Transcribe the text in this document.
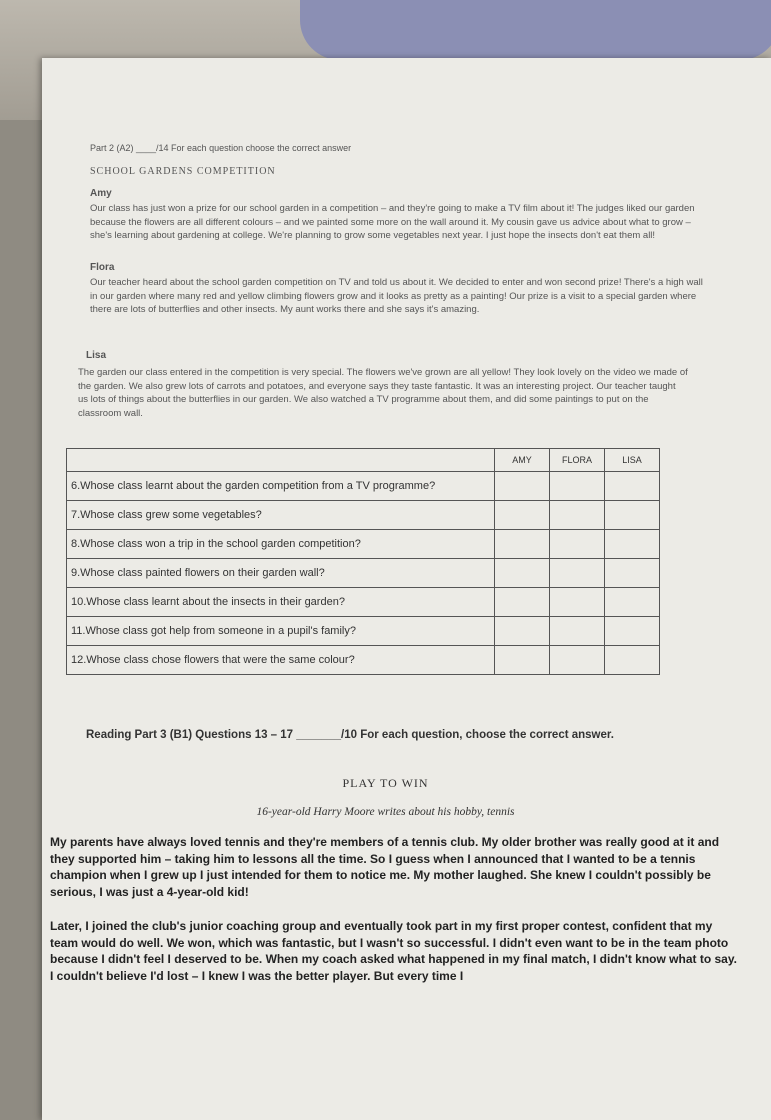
Part 2 (A2) ____/14 For each question choose the correct answer
SCHOOL GARDENS COMPETITION
Amy
Our class has just won a prize for our school garden in a competition – and they're going to make a TV film about it! The judges liked our garden because the flowers are all different colours – and we painted some more on the wall around it. My cousin gave us advice about what to grow – she's learning about gardening at college. We're planning to grow some vegetables next year. I just hope the insects don't eat them all!
Flora
Our teacher heard about the school garden competition on TV and told us about it. We decided to enter and won second prize! There's a high wall in our garden where many red and yellow climbing flowers grow and it looks as pretty as a painting! Our prize is a visit to a special garden where there are lots of butterflies and other insects. My aunt works there and she says it's amazing.
Lisa
The garden our class entered in the competition is very special. The flowers we've grown are all yellow! They look lovely on the video we made of the garden. We also grew lots of carrots and potatoes, and everyone says they taste fantastic. It was an interesting project. Our teacher taught us lots of things about the butterflies in our garden. We also watched a TV programme about them, and did some paintings to put on the classroom wall.
	AMY	FLORA	LISA
6.Whose class learnt about the garden competition from a TV programme?			
7.Whose class grew some vegetables?			
8.Whose class won a trip in the school garden competition?			
9.Whose class painted flowers on their garden wall?			
10.Whose class learnt about the insects in their garden?			
11.Whose class got help from someone in a pupil's family?			
12.Whose class chose flowers that were the same colour?			
Reading Part 3 (B1) Questions 13 – 17 _______/10 For each question, choose the correct answer.
PLAY TO WIN
16-year-old Harry Moore writes about his hobby, tennis
My parents have always loved tennis and they're members of a tennis club. My older brother was really good at it and they supported him – taking him to lessons all the time. So I guess when I announced that I wanted to be a tennis champion when I grew up I just intended for them to notice me. My mother laughed. She knew I couldn't possibly be serious, I was just a 4-year-old kid!
Later, I joined the club's junior coaching group and eventually took part in my first proper contest, confident that my team would do well. We won, which was fantastic, but I wasn't so successful. I didn't even want to be in the team photo because I didn't feel I deserved to be. When my coach asked what happened in my final match, I didn't know what to say. I couldn't believe I'd lost – I knew I was the better player. But every time I
